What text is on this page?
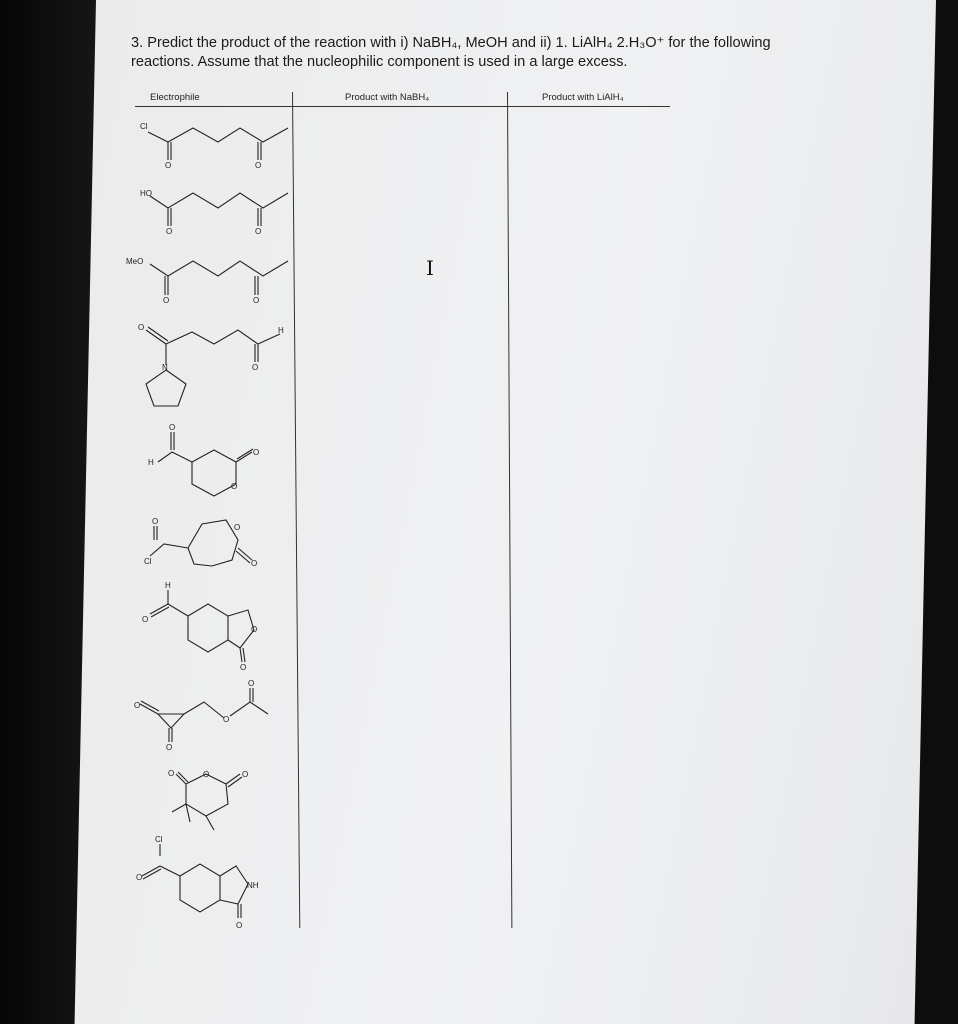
3. Predict the product of the reaction with i) NaBH₄, MeOH and ii) 1. LiAlH₄ 2.H₃O⁺ for the following reactions. Assume that the nucleophilic component is used in a large excess.
Electrophile	Product with NaBH₄	Product with LiAlH₄
I
Cl
O	O
HO
O	O
MeO
O	O
O	H
O
N
O
H
O
O
O
Cl
O
O
H
O
O
O
O
O
O
O
O	O	O
Cl
O
NH
O
